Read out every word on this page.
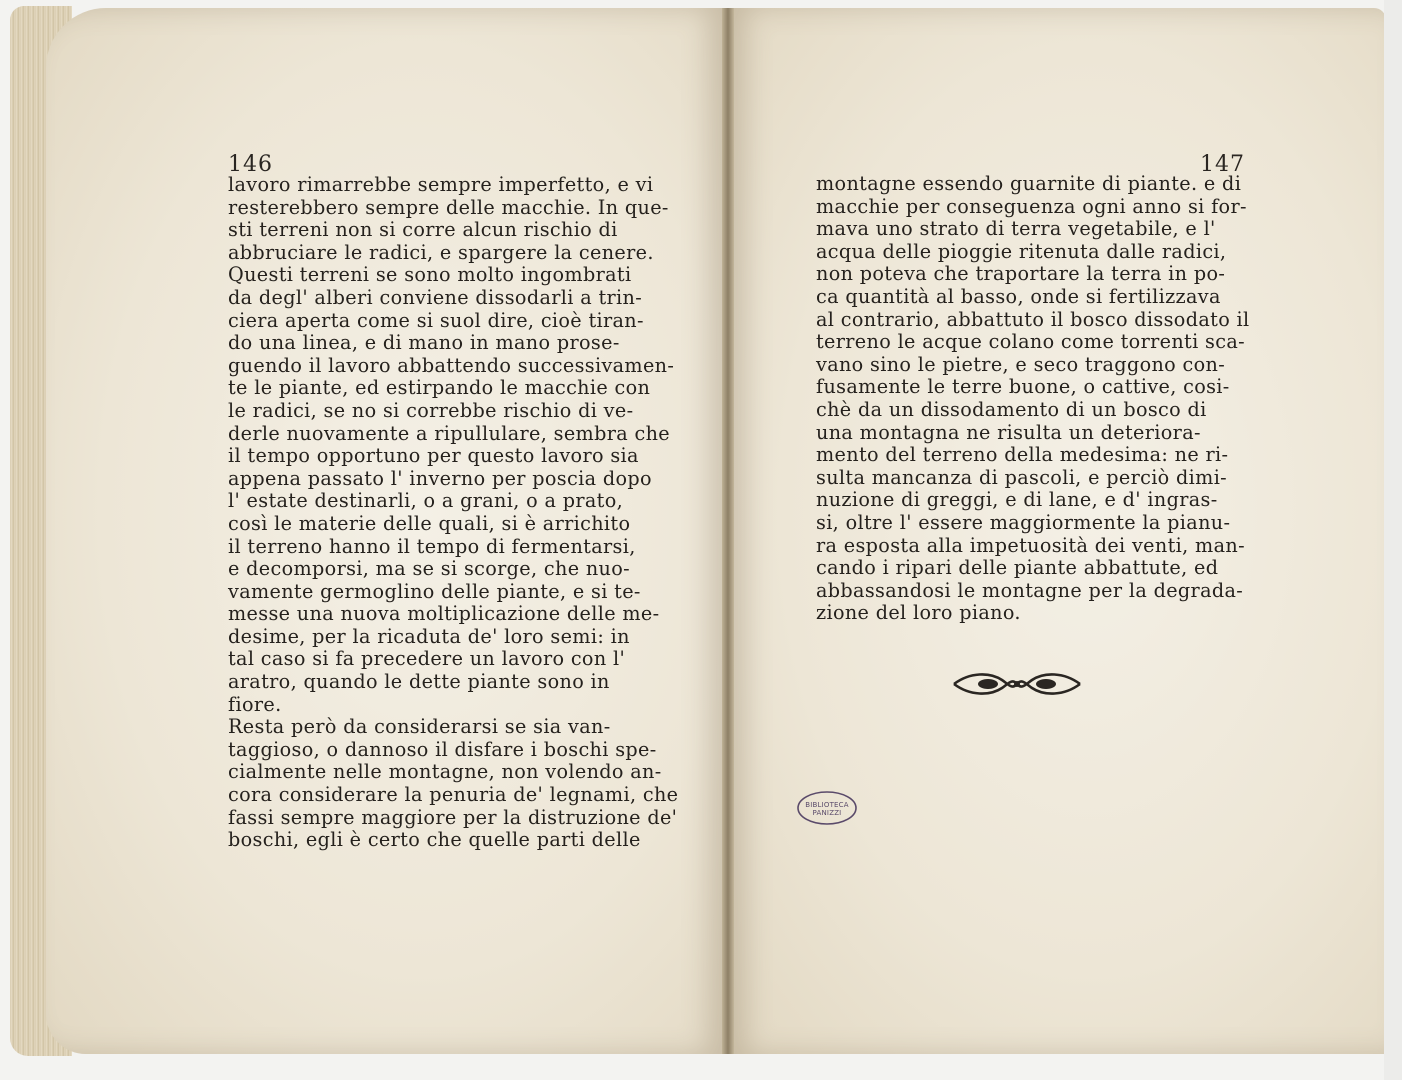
146
lavoro rimarrebbe sempre imperfetto, e vi
resterebbero sempre delle macchie. In que-
sti terreni non si corre alcun rischio di
abbruciare le radici, e spargere la cenere.
Questi terreni se sono molto ingombrati
da degl' alberi conviene dissodarli a trin-
ciera aperta come si suol dire, cioè tiran-
do una linea, e di mano in mano prose-
guendo il lavoro abbattendo successivamen-
te le piante, ed estirpando le macchie con
le radici, se no si correbbe rischio di ve-
derle nuovamente a ripullulare, sembra che
il tempo opportuno per questo lavoro sia
appena passato l' inverno per poscia dopo
l' estate destinarli, o a grani, o a prato,
così le materie delle quali, si è arrichito
il terreno hanno il tempo di fermentarsi,
e decomporsi, ma se si scorge, che nuo-
vamente germoglino delle piante, e si te-
messe una nuova moltiplicazione delle me-
desime, per la ricaduta de' loro semi: in
tal caso si fa precedere un lavoro con l'
aratro, quando le dette piante sono in
fiore.
Resta però da considerarsi se sia van-
taggioso, o dannoso il disfare i boschi spe-
cialmente nelle montagne, non volendo an-
cora considerare la penuria de' legnami, che
fassi sempre maggiore per la distruzione de'
boschi, egli è certo che quelle parti delle
147
montagne essendo guarnite di piante. e di
macchie per conseguenza ogni anno si for-
mava uno strato di terra vegetabile, e l'
acqua delle pioggie ritenuta dalle radici,
non poteva che traportare la terra in po-
ca quantità al basso, onde si fertilizzava
al contrario, abbattuto il bosco dissodato il
terreno le acque colano come torrenti sca-
vano sino le pietre, e seco traggono con-
fusamente le terre buone, o cattive, cosi-
chè da un dissodamento di un bosco di
una montagna ne risulta un deteriora-
mento del terreno della medesima: ne ri-
sulta mancanza di pascoli, e perciò dimi-
nuzione di greggi, e di lane, e d' ingras-
si, oltre l' essere maggiormente la pianu-
ra esposta alla impetuosità dei venti, man-
cando i ripari delle piante abbattute, ed
abbassandosi le montagne per la degrada-
zione del loro piano.
BIBLIOTECA
PANIZZI
